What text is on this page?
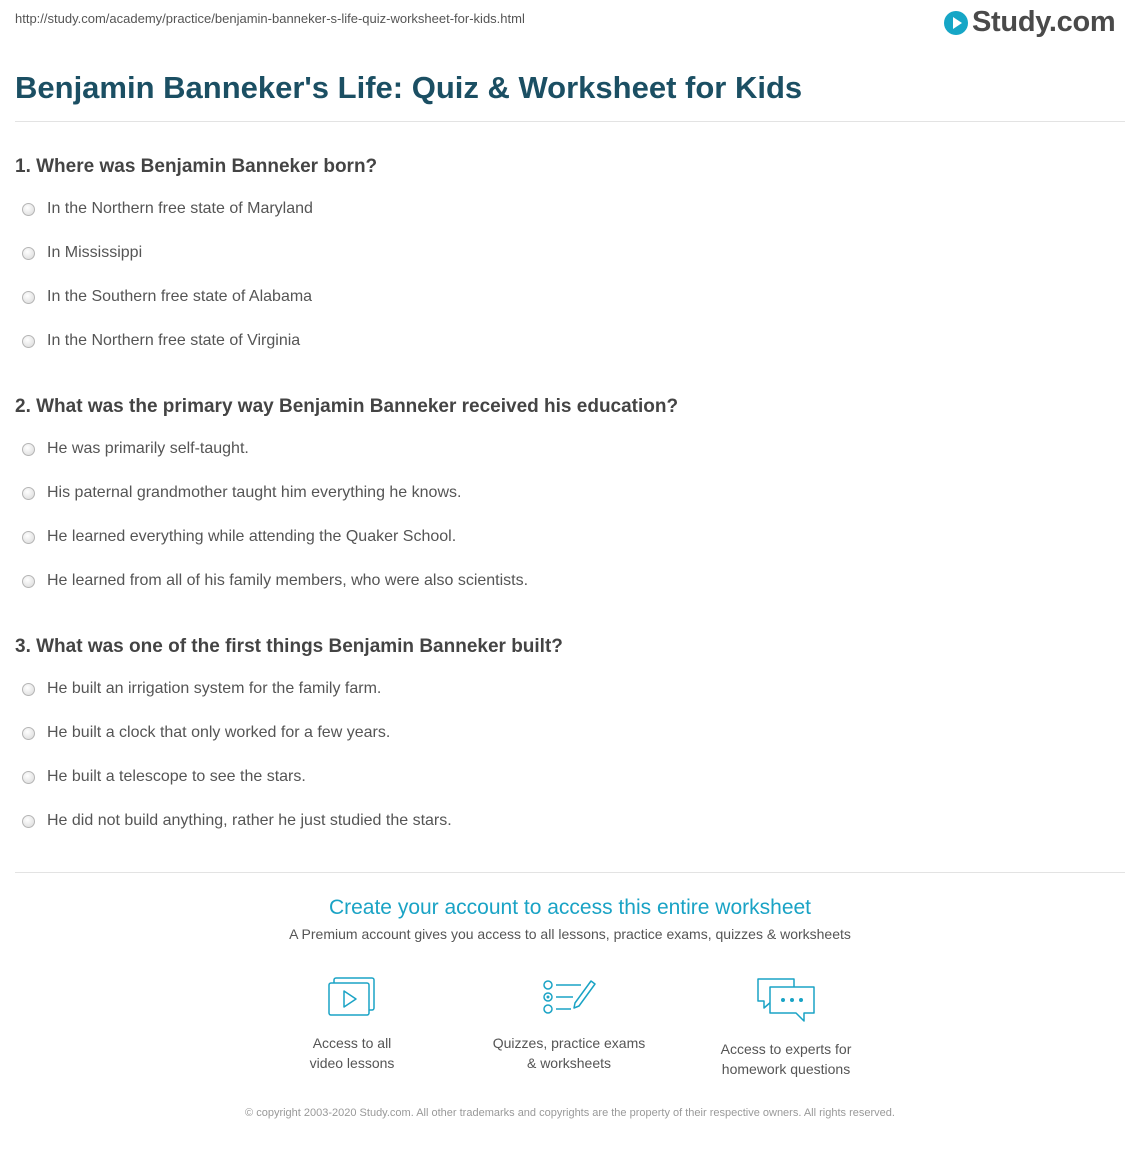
http://study.com/academy/practice/benjamin-banneker-s-life-quiz-worksheet-for-kids.html	Study.com
Benjamin Banneker's Life: Quiz & Worksheet for Kids
1. Where was Benjamin Banneker born?
In the Northern free state of Maryland
In Mississippi
In the Southern free state of Alabama
In the Northern free state of Virginia
2. What was the primary way Benjamin Banneker received his education?
He was primarily self-taught.
His paternal grandmother taught him everything he knows.
He learned everything while attending the Quaker School.
He learned from all of his family members, who were also scientists.
3. What was one of the first things Benjamin Banneker built?
He built an irrigation system for the family farm.
He built a clock that only worked for a few years.
He built a telescope to see the stars.
He did not build anything, rather he just studied the stars.
Create your account to access this entire worksheet
A Premium account gives you access to all lessons, practice exams, quizzes & worksheets
Access to all
video lessons
Quizzes, practice exams
& worksheets
Access to experts for
homework questions
© copyright 2003-2020 Study.com. All other trademarks and copyrights are the property of their respective owners. All rights reserved.
